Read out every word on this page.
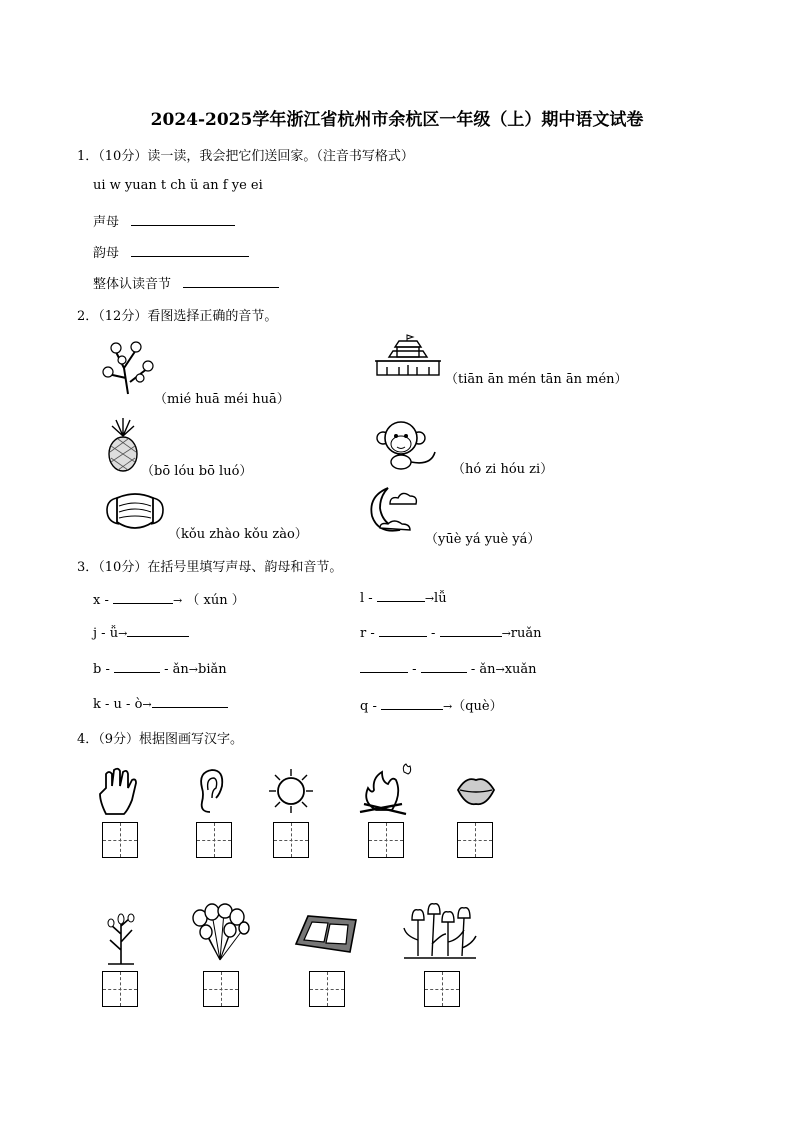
2024-2025学年浙江省杭州市余杭区一年级（上）期中语文试卷
1．（10分）读一读，我会把它们送回家。（注音书写格式）
ui w yuan t ch ü an f ye ei
声母
韵母
整体认读音节
2．（12分）看图选择正确的音节。
（mié huā méi huā）
（tiān ān mén tān ān mén）
（bō lóu bō luó）	（hó zi hóu zi）
（kǒu zhào kǒu zào）	（yūè yá yuè yá）
3．（10分）在括号里填写声母、韵母和音节。
x -	→ （ xún ）
j - ǚ→
b -	- ǎn→biǎn
k - u - ò→
l -	→lǚ
r -	-	→ruǎn
-	- ǎn→xuǎn
q -	→（què）
4．（9分）根据图画写汉字。
